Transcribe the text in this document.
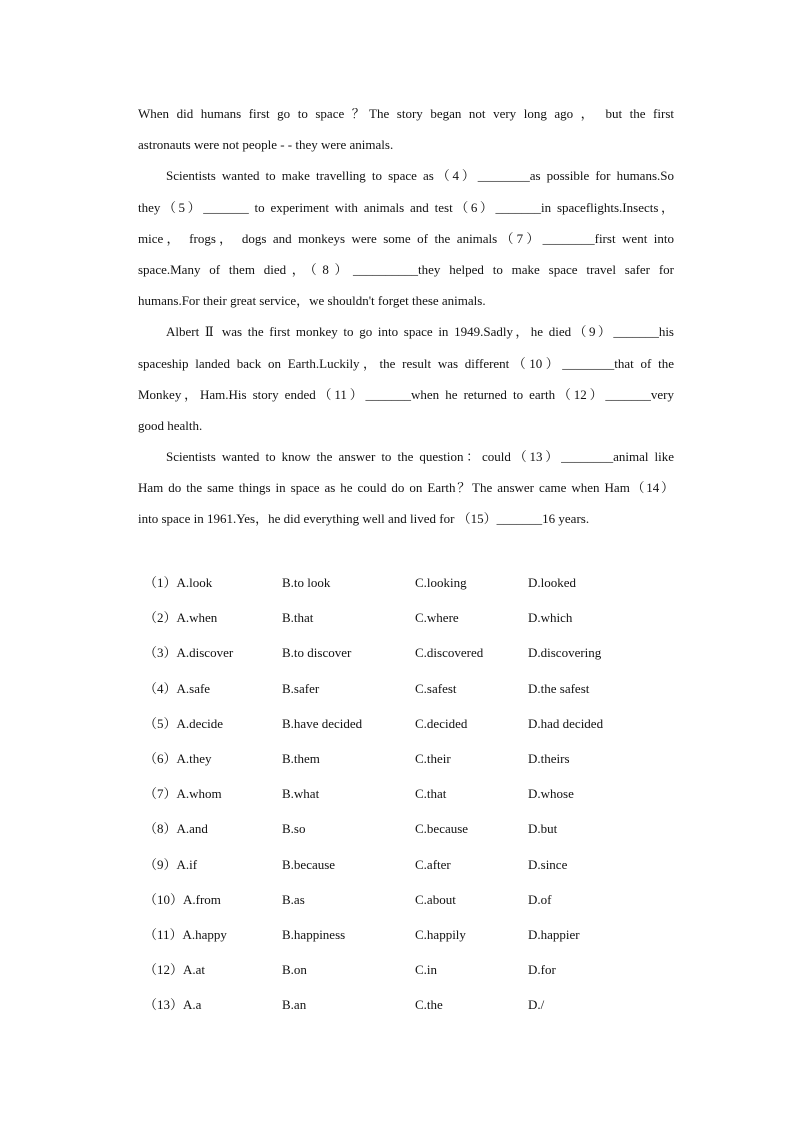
When did humans first go to space ？The story began not very long ago ， but the first
astronauts were not people - - they were animals.
Scientists wanted to make travelling to space as（4）________as possible for humans.So
they（5）_______ to experiment with animals and test（6）_______in spaceflights.Insects，
mice， frogs， dogs and monkeys were some of the animals（7）________first went into
space.Many of them died，（8）__________they helped to make space travel safer for
humans.For their great service，we shouldn't forget these animals.
Albert Ⅱ was the first monkey to go into space in 1949.Sadly，he died（9）_______his
spaceship landed back on Earth.Luckily，the result was different（10）________that of the
Monkey，Ham.His story ended（11）_______when he returned to earth（12）_______very
good health.
Scientists wanted to know the answer to the question：could（13）________animal like
Ham do the same things in space as he could do on Earth？The answer came when Ham（14）
into space in 1961.Yes，he did everything well and lived for （15）_______16 years.
（1）A.look	B.to look	C.looking	D.looked
（2）A.when	B.that	C.where	D.which
（3）A.discover	B.to discover	C.discovered	D.discovering
（4）A.safe	B.safer	C.safest	D.the safest
（5）A.decide	B.have decided	C.decided	D.had decided
（6）A.they	B.them	C.their	D.theirs
（7）A.whom	B.what	C.that	D.whose
（8）A.and	B.so	C.because	D.but
（9）A.if	B.because	C.after	D.since
（10）A.from	B.as	C.about	D.of
（11）A.happy	B.happiness	C.happily	D.happier
（12）A.at	B.on	C.in	D.for
（13）A.a	B.an	C.the	D./
